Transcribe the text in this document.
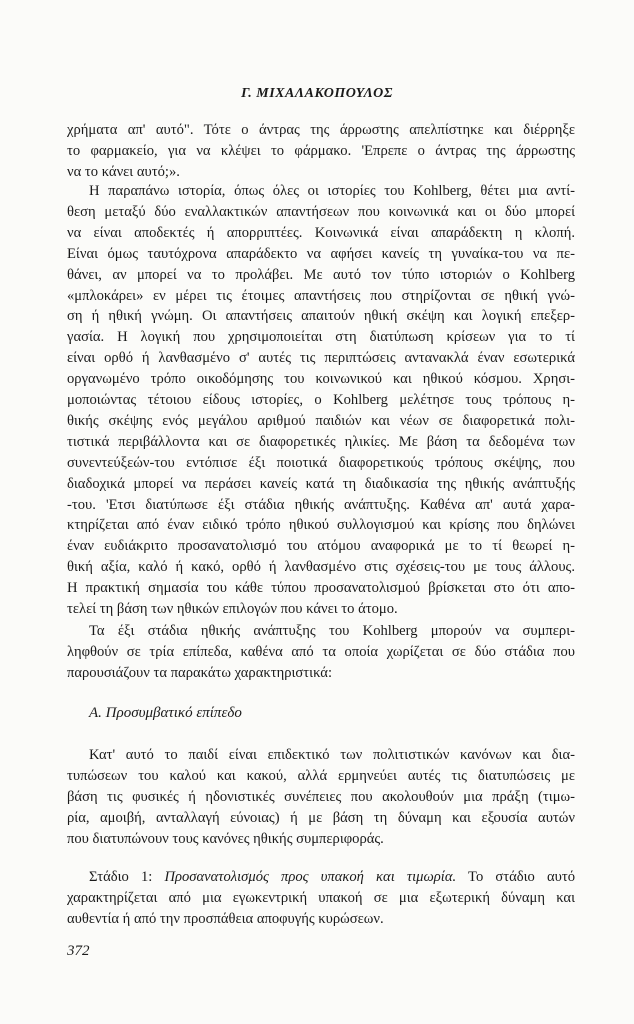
Γ. ΜΙΧΑΛΑΚΟΠΟΥΛΟΣ
χρήματα απ' αυτό". Τότε ο άντρας της άρρωστης απελπίστηκε και διέρρηξε
το φαρμακείο, για να κλέψει το φάρμακο. 'Επρεπε ο άντρας της άρρωστης
να το κάνει αυτό;».
Η παραπάνω ιστορία, όπως όλες οι ιστορίες του Kohlberg, θέτει μια αντί-
θεση μεταξύ δύο εναλλακτικών απαντήσεων που κοινωνικά και οι δύο μπορεί
να είναι αποδεκτές ή απορριπτέες. Κοινωνικά είναι απαράδεκτη η κλοπή.
Είναι όμως ταυτόχρονα απαράδεκτο να αφήσει κανείς τη γυναίκα-του να πε-
θάνει, αν μπορεί να το προλάβει. Με αυτό τον τύπο ιστοριών ο Kohlberg
«μπλοκάρει» εν μέρει τις έτοιμες απαντήσεις που στηρίζονται σε ηθική γνώ-
ση ή ηθική γνώμη. Οι απαντήσεις απαιτούν ηθική σκέψη και λογική επεξερ-
γασία. Η λογική που χρησιμοποιείται στη διατύπωση κρίσεων για το τί
είναι ορθό ή λανθασμένο σ' αυτές τις περιπτώσεις αντανακλά έναν εσωτερικά
οργανωμένο τρόπο οικοδόμησης του κοινωνικού και ηθικού κόσμου. Χρησι-
μοποιώντας τέτοιου είδους ιστορίες, ο Kohlberg μελέτησε τους τρόπους η-
θικής σκέψης ενός μεγάλου αριθμού παιδιών και νέων σε διαφορετικά πολι-
τιστικά περιβάλλοντα και σε διαφορετικές ηλικίες. Με βάση τα δεδομένα των
συνεντεύξεών-του εντόπισε έξι ποιοτικά διαφορετικούς τρόπους σκέψης, που
διαδοχικά μπορεί να περάσει κανείς κατά τη διαδικασία της ηθικής ανάπτυξής
-του. 'Ετσι διατύπωσε έξι στάδια ηθικής ανάπτυξης. Καθένα απ' αυτά χαρα-
κτηρίζεται από έναν ειδικό τρόπο ηθικού συλλογισμού και κρίσης που δηλώνει
έναν ευδιάκριτο προσανατολισμό του ατόμου αναφορικά με το τί θεωρεί η-
θική αξία, καλό ή κακό, ορθό ή λανθασμένο στις σχέσεις-του με τους άλλους.
Η πρακτική σημασία του κάθε τύπου προσανατολισμού βρίσκεται στο ότι απο-
τελεί τη βάση των ηθικών επιλογών που κάνει το άτομο.
Τα έξι στάδια ηθικής ανάπτυξης του Kohlberg μπορούν να συμπερι-
ληφθούν σε τρία επίπεδα, καθένα από τα οποία χωρίζεται σε δύο στάδια που
παρουσιάζουν τα παρακάτω χαρακτηριστικά:
Κατ' αυτό το παιδί είναι επιδεκτικό των πολιτιστικών κανόνων και δια-
τυπώσεων του καλού και κακού, αλλά ερμηνεύει αυτές τις διατυπώσεις με
βάση τις φυσικές ή ηδονιστικές συνέπειες που ακολουθούν μια πράξη (τιμω-
ρία, αμοιβή, ανταλλαγή εύνοιας) ή με βάση τη δύναμη και εξουσία αυτών
που διατυπώνουν τους κανόνες ηθικής συμπεριφοράς.
Α. Προσυμβατικό επίπεδο
Στάδιο 1: Προσανατολισμός προς υπακοή και τιμωρία. Το στάδιο αυτό
χαρακτηρίζεται από μια εγωκεντρική υπακοή σε μια εξωτερική δύναμη και
αυθεντία ή από την προσπάθεια αποφυγής κυρώσεων.
372
